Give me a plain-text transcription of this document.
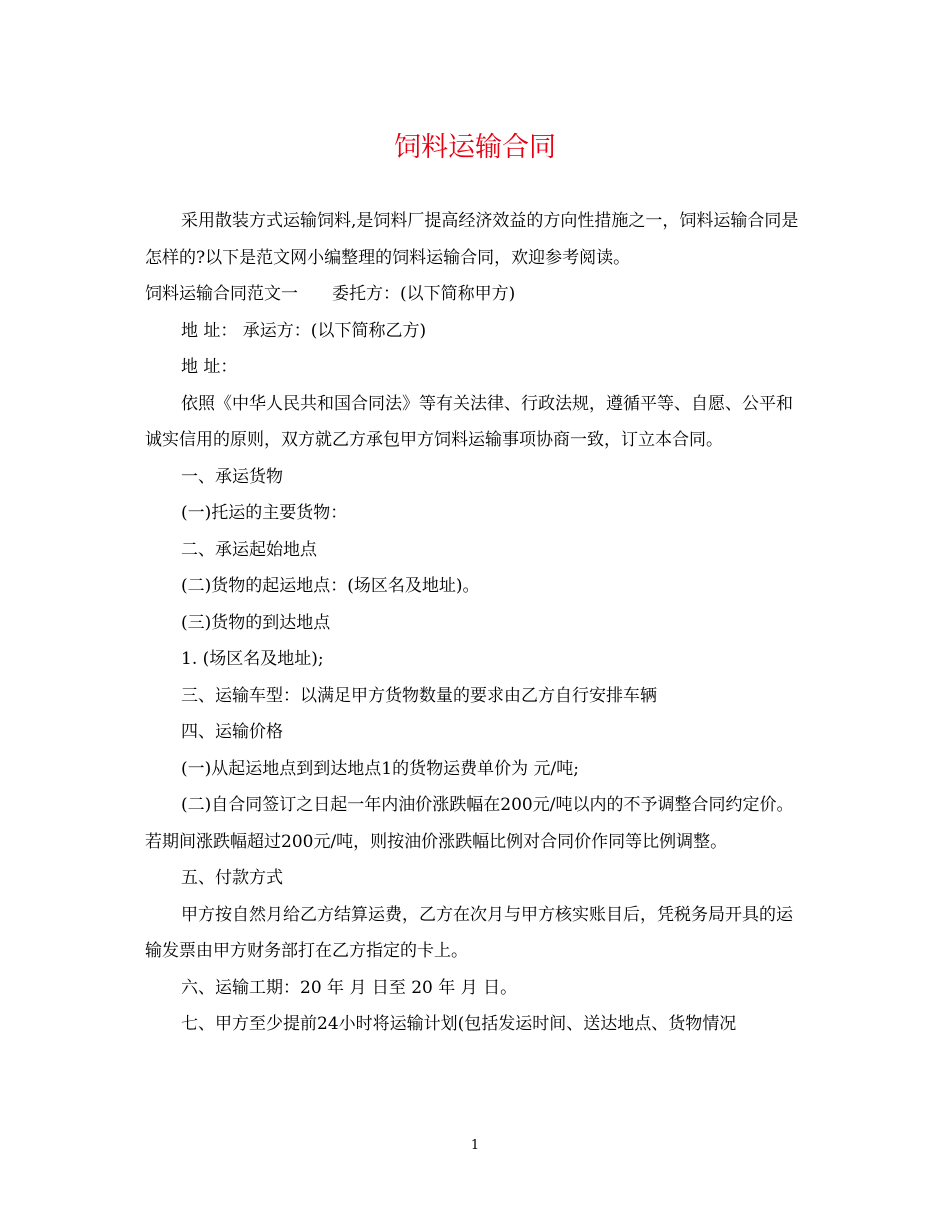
饲料运输合同

采用散装方式运输饲料,是饲料厂提高经济效益的方向性措施之一，饲料运输合同是怎样的?以下是范文网小编整理的饲料运输合同，欢迎参考阅读。

饲料运输合同范文一　　委托方：(以下简称甲方)

地 址： 承运方：(以下简称乙方)

地 址：

依照《中华人民共和国合同法》等有关法律、行政法规，遵循平等、自愿、公平和诚实信用的原则，双方就乙方承包甲方饲料运输事项协商一致，订立本合同。

一、承运货物

(一)托运的主要货物：

二、承运起始地点

(二)货物的起运地点：(场区名及地址)。

(三)货物的到达地点

1. (场区名及地址);

三、运输车型：以满足甲方货物数量的要求由乙方自行安排车辆

四、运输价格

(一)从起运地点到到达地点1的货物运费单价为 元/吨;

(二)自合同签订之日起一年内油价涨跌幅在200元/吨以内的不予调整合同约定价。若期间涨跌幅超过200元/吨，则按油价涨跌幅比例对合同价作同等比例调整。

五、付款方式

甲方按自然月给乙方结算运费，乙方在次月与甲方核实账目后，凭税务局开具的运输发票由甲方财务部打在乙方指定的卡上。

六、运输工期：20 年 月 日至 20 年 月 日。

七、甲方至少提前24小时将运输计划(包括发运时间、送达地点、货物情况

1
